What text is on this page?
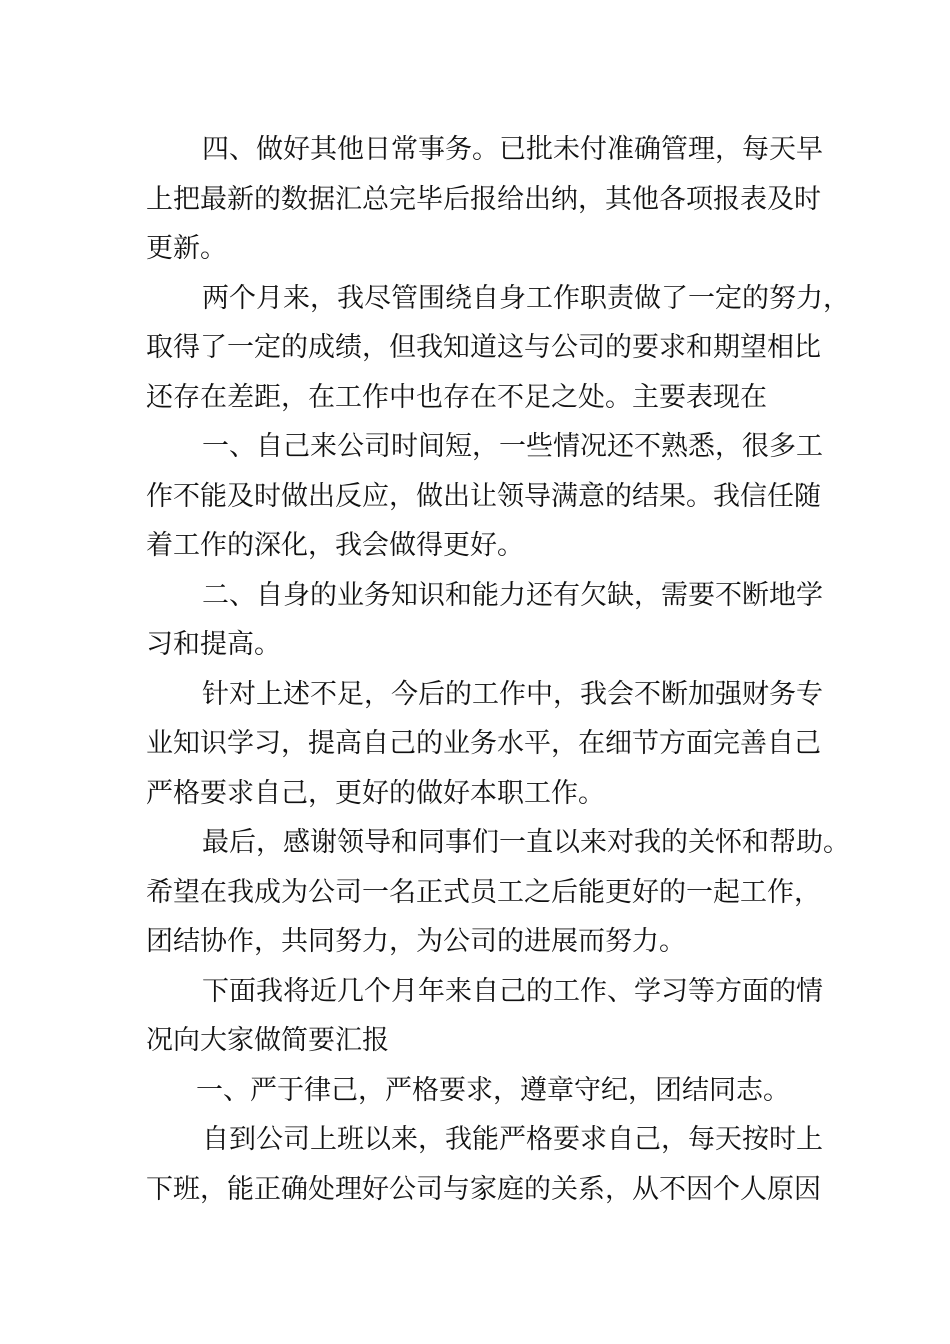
四、做好其他日常事务。已批未付准确管理，每天早
上把最新的数据汇总完毕后报给出纳，其他各项报表及时
更新。
两个月来，我尽管围绕自身工作职责做了一定的努力，
取得了一定的成绩，但我知道这与公司的要求和期望相比
还存在差距，在工作中也存在不足之处。主要表现在
一、自己来公司时间短，一些情况还不熟悉，很多工
作不能及时做出反应，做出让领导满意的结果。我信任随
着工作的深化，我会做得更好。
二、自身的业务知识和能力还有欠缺，需要不断地学
习和提高。
针对上述不足，今后的工作中，我会不断加强财务专
业知识学习，提高自己的业务水平，在细节方面完善自己
严格要求自己，更好的做好本职工作。
最后，感谢领导和同事们一直以来对我的关怀和帮助。
希望在我成为公司一名正式员工之后能更好的一起工作，
团结协作，共同努力，为公司的进展而努力。
下面我将近几个月年来自己的工作、学习等方面的情
况向大家做简要汇报
一、严于律己，严格要求，遵章守纪，团结同志。
自到公司上班以来，我能严格要求自己，每天按时上
下班，能正确处理好公司与家庭的关系，从不因个人原因
